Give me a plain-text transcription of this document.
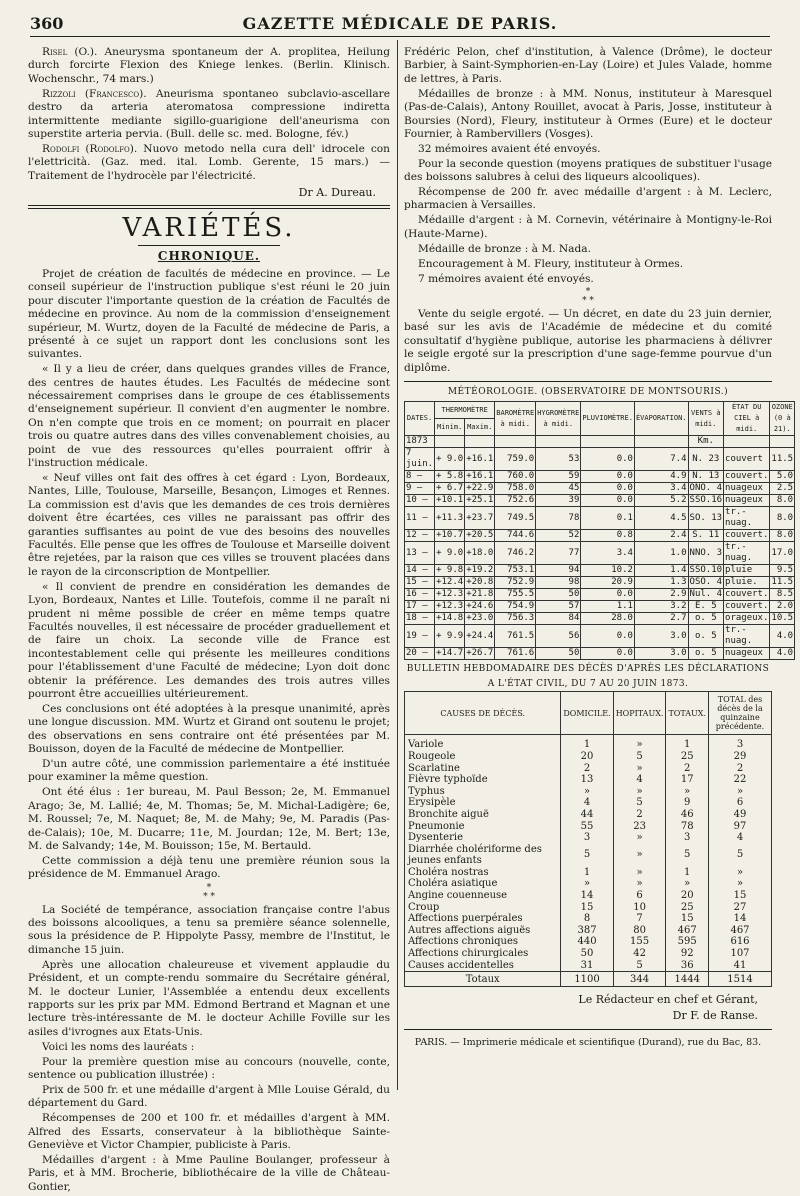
360	GAZETTE MÉDICALE DE PARIS.

Risel (O.). Aneurysma spontaneum der A. proplitea, Heilung durch forcirte Flexion des Kniege lenkes. (Berlin. Klinisch. Wochenschr., 74 mars.)

Rizzoli (Francesco). Aneurisma spontaneo subclavio-ascellare destro da arteria ateromatosa compressione indiretta intermittente mediante sigillo-guarigione dell'aneurisma con superstite arteria pervia. (Bull. delle sc. med. Bologne, fév.)

Rodolfi (Rodolfo). Nuovo metodo nella cura dell' idrocele con l'elettricità. (Gaz. med. ital. Lomb. Gerente, 15 mars.) — Traitement de l'hydrocèle par l'électricité.

Dr A. Dureau.
VARIÉTÉS.
CHRONIQUE.

Projet de création de facultés de médecine en province. — Le conseil supérieur de l'instruction publique s'est réuni le 20 juin pour discuter l'importante question de la création de Facultés de médecine en province. Au nom de la commission d'enseignement supérieur, M. Wurtz, doyen de la Faculté de médecine de Paris, a présenté à ce sujet un rapport dont les conclusions sont les suivantes.

« Il y a lieu de créer, dans quelques grandes villes de France, des centres de hautes études. Les Facultés de médecine sont nécessairement comprises dans le groupe de ces établissements d'enseignement supérieur. Il convient d'en augmenter le nombre. On n'en compte que trois en ce moment; on pourrait en placer trois ou quatre autres dans des villes convenablement choisies, au point de vue des ressources qu'elles pourraient offrir à l'instruction médicale.

« Neuf villes ont fait des offres à cet égard : Lyon, Bordeaux, Nantes, Lille, Toulouse, Marseille, Besançon, Limoges et Rennes. La commission est d'avis que les demandes de ces trois dernières doivent être écartées, ces villes ne paraissant pas offrir des garanties suffisantes au point de vue des besoins des nouvelles Facultés. Elle pense que les offres de Toulouse et Marseille doivent être rejetées, par la raison que ces villes se trouvent placées dans le rayon de la circonscription de Montpellier.

« Il convient de prendre en considération les demandes de Lyon, Bordeaux, Nantes et Lille. Toutefois, comme il ne paraît ni prudent ni même possible de créer en même temps quatre Facultés nouvelles, il est nécessaire de procéder graduellement et de faire un choix. La seconde ville de France est incontestablement celle qui présente les meilleures conditions pour l'établissement d'une Faculté de médecine; Lyon doit donc obtenir la préférence. Les demandes des trois autres villes pourront être accueillies ultérieurement.

Ces conclusions ont été adoptées à la presque unanimité, après une longue discussion. MM. Wurtz et Girand ont soutenu le projet; des observations en sens contraire ont été présentées par M. Bouisson, doyen de la Faculté de médecine de Montpellier.

D'un autre côté, une commission parlementaire a été instituée pour examiner la même question.

Ont été élus : 1er bureau, M. Paul Besson; 2e, M. Emmanuel Arago; 3e, M. Lallié; 4e, M. Thomas; 5e, M. Michal-Ladigère; 6e, M. Roussel; 7e, M. Naquet; 8e, M. de Mahy; 9e, M. Paradis (Pas-de-Calais); 10e, M. Ducarre; 11e, M. Jourdan; 12e, M. Bert; 13e, M. de Salvandy; 14e, M. Bouisson; 15e, M. Bertauld.

Cette commission a déjà tenu une première réunion sous la présidence de M. Emmanuel Arago.

*
* *

La Société de tempérance, association française contre l'abus des boissons alcooliques, a tenu sa première séance solennelle, sous la présidence de P. Hippolyte Passy, membre de l'Institut, le dimanche 15 juin.

Après une allocation chaleureuse et vivement applaudie du Président, et un compte-rendu sommaire du Secrétaire général, M. le docteur Lunier, l'Assemblée a entendu deux excellents rapports sur les prix par MM. Edmond Bertrand et Magnan et une lecture très-intéressante de M. le docteur Achille Foville sur les asiles d'ivrognes aux Etats-Unis.

Voici les noms des lauréats :

Pour la première question mise au concours (nouvelle, conte, sentence ou publication illustrée) :

Prix de 500 fr. et une médaille d'argent à Mlle Louise Gérald, du département du Gard.

Récompenses de 200 et 100 fr. et médailles d'argent à MM. Alfred des Essarts, conservateur à la bibliothèque Sainte-Geneviève et Victor Champier, publiciste à Paris.

Médailles d'argent : à Mme Pauline Boulanger, professeur à Paris, et à MM. Brocherie, bibliothécaire de la ville de Château-Gontier,

Frédéric Pelon, chef d'institution, à Valence (Drôme), le docteur Barbier, à Saint-Symphorien-en-Lay (Loire) et Jules Valade, homme de lettres, à Paris.

Médailles de bronze : à MM. Nonus, instituteur à Maresquel (Pas-de-Calais), Antony Rouillet, avocat à Paris, Josse, instituteur à Boursies (Nord), Fleury, instituteur à Ormes (Eure) et le docteur Fournier, à Rambervillers (Vosges).

32 mémoires avaient été envoyés.

Pour la seconde question (moyens pratiques de substituer l'usage des boissons salubres à celui des liqueurs alcooliques).

Récompense de 200 fr. avec médaille d'argent : à M. Leclerc, pharmacien à Versailles.

Médaille d'argent : à M. Cornevin, vétérinaire à Montigny-le-Roi (Haute-Marne).

Médaille de bronze : à M. Nada.

Encouragement à M. Fleury, instituteur à Ormes.

7 mémoires avaient été envoyés.

*
* *

Vente du seigle ergoté. — Un décret, en date du 23 juin dernier, basé sur les avis de l'Académie de médecine et du comité consultatif d'hygiène publique, autorise les pharmaciens à délivrer le seigle ergoté sur la prescription d'une sage-femme pourvue d'un diplôme.

MÉTÉOROLOGIE. (OBSERVATOIRE DE MONTSOURIS.)
DATES.	THERMOMÈTRE		BAROMÈTRE à midi.	HYGROMÈTRE à midi.	PLUVIOMÈTRE.	ÉVAPORATION.	VENTS à midi.	ÉTAT DU CIEL à midi.	OZONE (0 à 21).
	Minim.	Maxim.							
1873							Km.		
7 juin.	+ 9.0	+16.1	759.0	53	0.0	7.4	N. 23	couvert	11.5
8 —	+ 5.8	+16.1	760.0	59	0.0	4.9	N. 13	couvert.	5.0
9 —	+ 6.7	+22.9	758.0	45	0.0	3.4	ONO. 4	nuageux	2.5
10 —	+10.1	+25.1	752.6	39	0.0	5.2	SSO.16	nuageux	8.0
11 —	+11.3	+23.7	749.5	78	0.1	4.5	SO. 13	tr.-nuag.	8.0
12 —	+10.7	+20.5	744.6	52	0.8	2.4	S. 11	couvert.	8.0
13 —	+ 9.0	+18.0	746.2	77	3.4	1.0	NNO. 3	tr.-nuag.	17.0
14 —	+ 9.8	+19.2	753.1	94	10.2	1.4	SSO.10	pluie	9.5
15 —	+12.4	+20.8	752.9	98	20.9	1.3	OSO. 4	pluie.	11.5
16 —	+12.3	+21.8	755.5	50	0.0	2.9	Nul. 4	couvert.	8.5
17 —	+12.3	+24.6	754.9	57	1.1	3.2	E. 5	couvert.	2.0
18 —	+14.8	+23.0	756.3	84	28.0	2.7	o. 5	orageux.	10.5
19 —	+ 9.9	+24.4	761.5	56	0.0	3.0	o. 5	tr.-nuag.	4.0
20 —	+14.7	+26.7	761.6	50	0.0	3.0	o. 5	nuageux	4.0
BULLETIN HEBDOMADAIRE DES DÉCÈS D'APRÈS LES DÉCLARATIONS
A L'ÉTAT CIVIL, DU 7 AU 20 JUIN 1873.
CAUSES DE DÉCÈS.	DOMICILE.	HOPITAUX.	TOTAUX.	TOTAL des décès de la quinzaine précédente.
Variole	1	»	1	3
Rougeole	20	5	25	29
Scarlatine	2	»	2	2
Fièvre typhoïde	13	4	17	22
Typhus	»	»	»	»
Erysipèle	4	5	9	6
Bronchite aiguë	44	2	46	49
Pneumonie	55	23	78	97
Dysenterie	3	»	3	4
Diarrhée cholériforme des jeunes enfants	5	»	5	5
Choléra nostras	1	»	1	»
Choléra asiatique	»	»	»	»
Angine couenneuse	14	6	20	15
Croup	15	10	25	27
Affections puerpérales	8	7	15	14
Autres affections aiguës	387	80	467	467
Affections chroniques	440	155	595	616
Affections chirurgicales	50	42	92	107
Causes accidentelles	31	5	36	41
Totaux	1100	344	1444	1514
Le Rédacteur en chef et Gérant,
Dr F. de Ranse.
PARIS. — Imprimerie médicale et scientifique (Durand), rue du Bac, 83.
